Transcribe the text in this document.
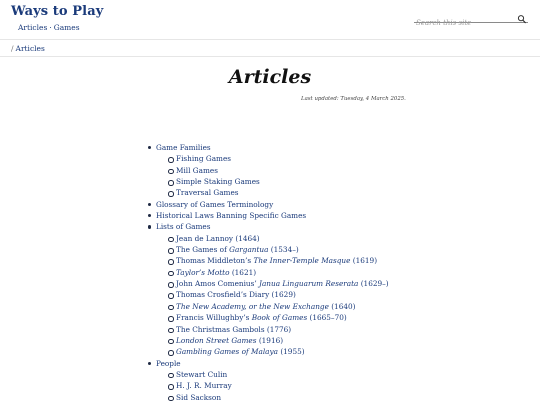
Ways to Play
Articles · Games
Search this site
/ Articles
Articles
Last updated: Tuesday, 4 March 2025.
Game Families
Fishing Games
Mill Games
Simple Staking Games
Traversal Games
Glossary of Games Terminology
Historical Laws Banning Specific Games
Lists of Games
Jean de Lannoy (1464)
The Games of Gargantua (1534–)
Thomas Middleton’s The Inner-Temple Masque (1619)
Taylor’s Motto (1621)
John Amos Comenius’ Janua Linguarum Reserata (1629–)
Thomas Crosfield’s Diary (1629)
The New Academy, or the New Exchange (1640)
Francis Willughby’s Book of Games (1665–70)
The Christmas Gambols (1776)
London Street Games (1916)
Gambling Games of Malaya (1955)
People
Stewart Culin
H. J. R. Murray
Sid Sackson
